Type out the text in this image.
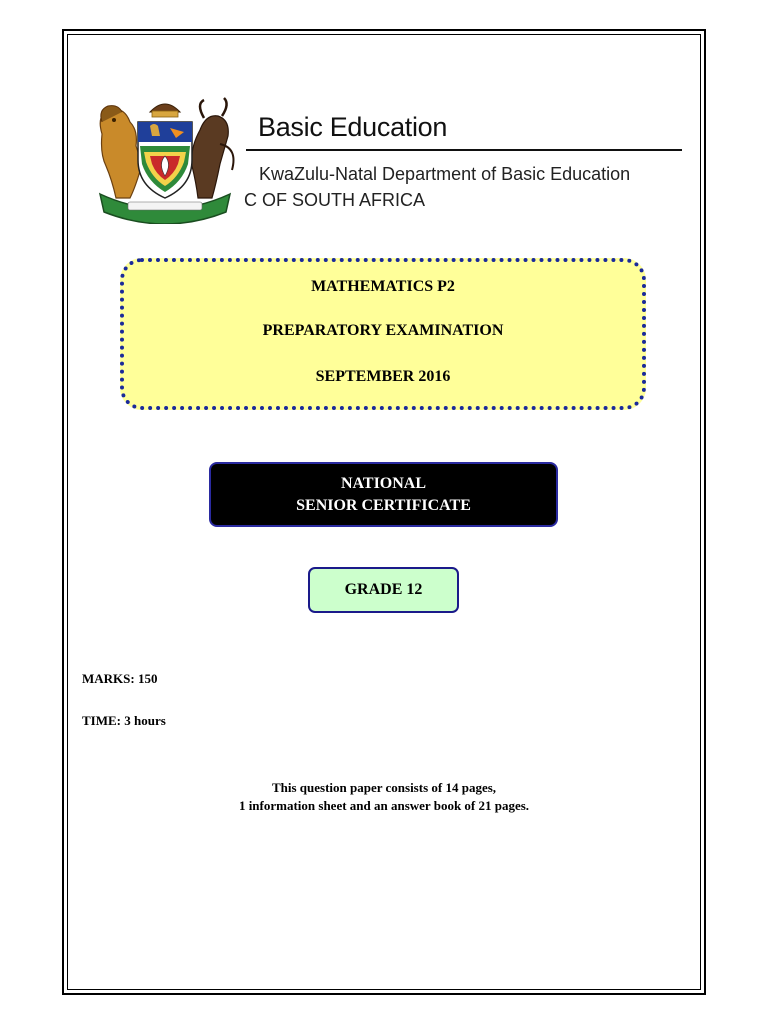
Basic Education
KwaZulu-Natal Department of Basic Education
C OF SOUTH AFRICA
MATHEMATICS P2
PREPARATORY EXAMINATION
SEPTEMBER 2016
NATIONAL
SENIOR CERTIFICATE
GRADE 12
MARKS: 150
TIME: 3 hours
This question paper consists of 14 pages,
1 information sheet and an answer book of 21 pages.
